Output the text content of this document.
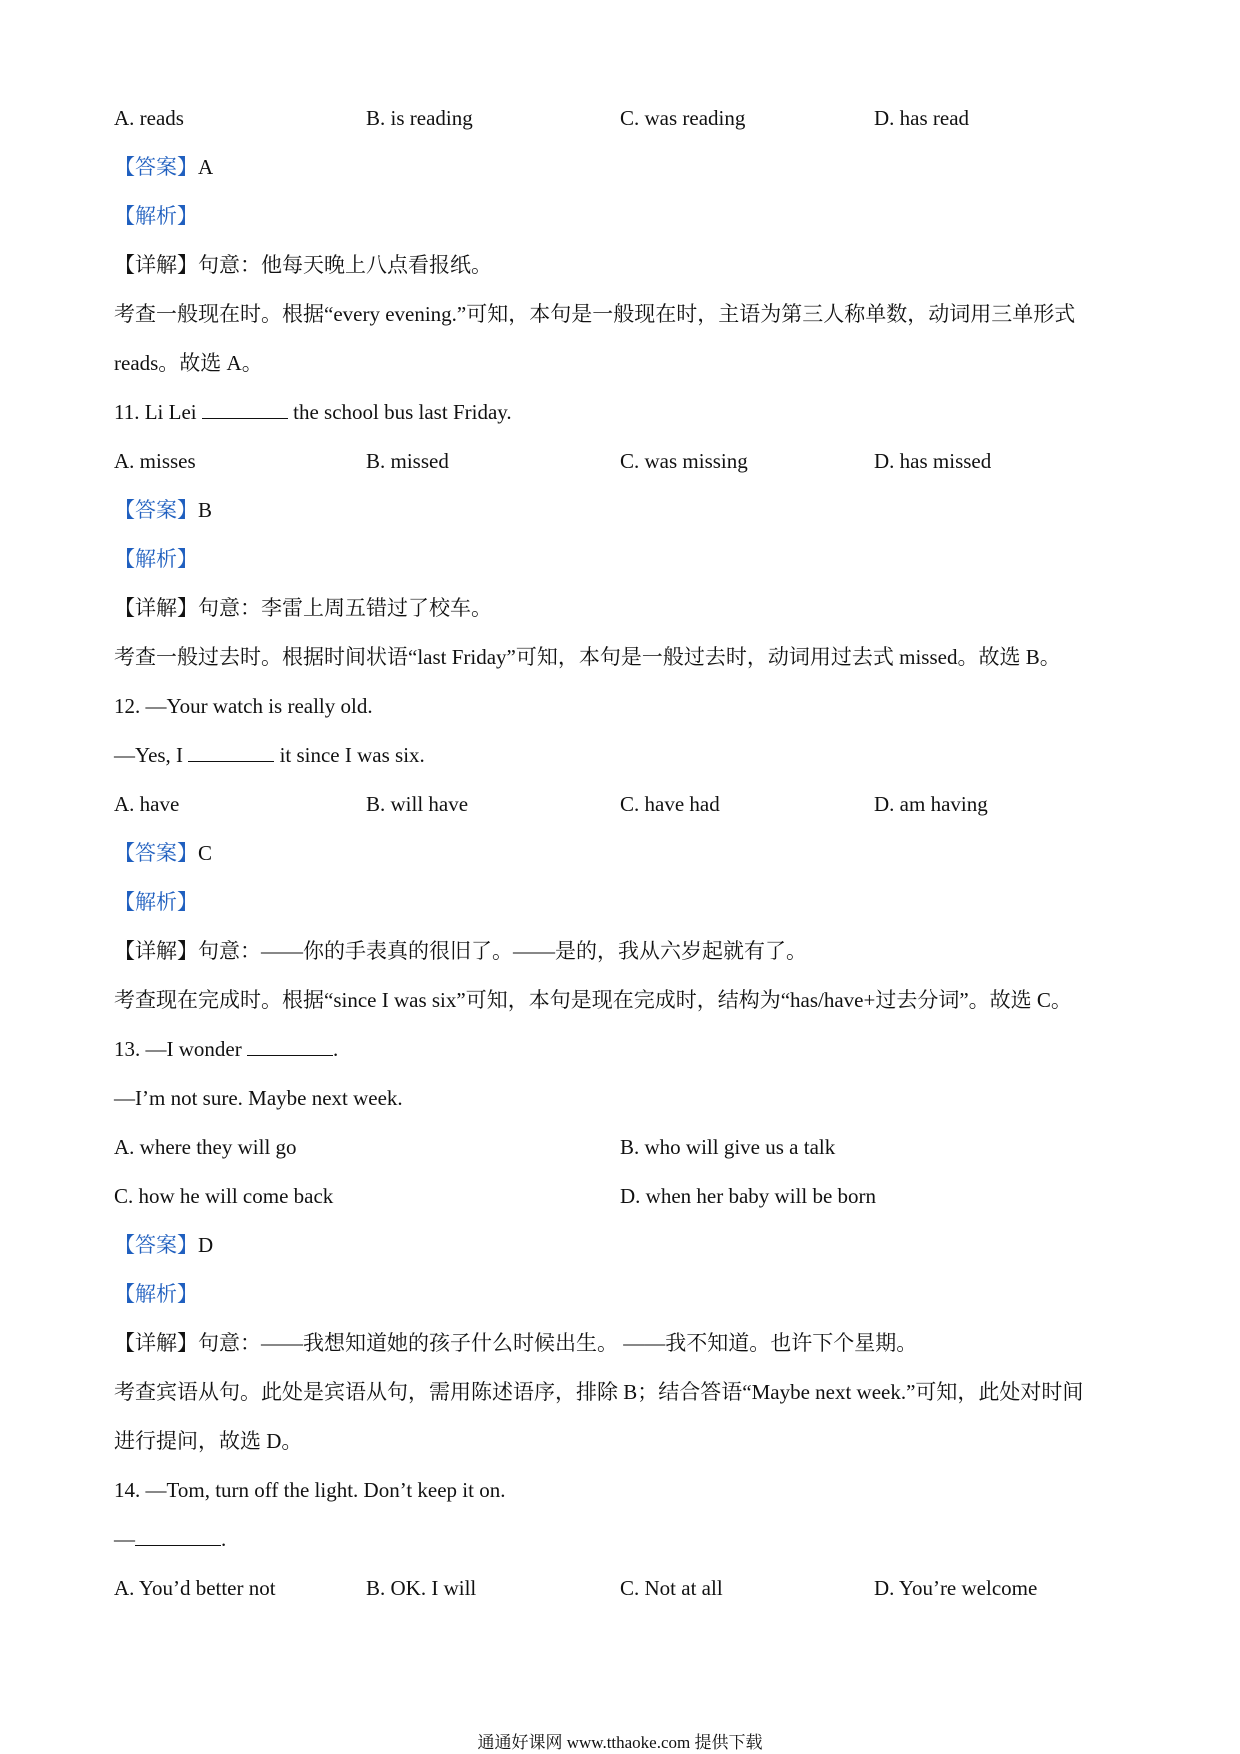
A. reads	B. is reading	C. was reading	D. has read
【答案】A
【解析】
【详解】句意：他每天晚上八点看报纸。
考查一般现在时。根据“every evening.”可知，本句是一般现在时，主语为第三人称单数，动词用三单形式
reads。故选 A。
11. Li Lei	the school bus last Friday.
A. misses	B. missed	C. was missing	D. has missed
【答案】B
【解析】
【详解】句意：李雷上周五错过了校车。
考查一般过去时。根据时间状语“last Friday”可知，本句是一般过去时，动词用过去式 missed。故选 B。
12. —Your watch is really old.
—Yes, I	it since I was six.
A. have	B. will have	C. have had	D. am having
【答案】C
【解析】
【详解】句意：——你的手表真的很旧了。——是的，我从六岁起就有了。
考查现在完成时。根据“since I was six”可知，本句是现在完成时，结构为“has/have+过去分词”。故选 C。
13. —I wonder	.
—I’m not sure. Maybe next week.
A. where they will go	B. who will give us a talk
C. how he will come back	D. when her baby will be born
【答案】D
【解析】
【详解】句意：——我想知道她的孩子什么时候出生。 ——我不知道。也许下个星期。
考查宾语从句。此处是宾语从句，需用陈述语序，排除 B；结合答语“Maybe next week.”可知，此处对时间
进行提问，故选 D。
14. —Tom, turn off the light. Don’t keep it on.
—	.
A. You’d better not	B. OK. I will	C. Not at all	D. You’re welcome
通通好课网 www.tthaoke.com 提供下载
